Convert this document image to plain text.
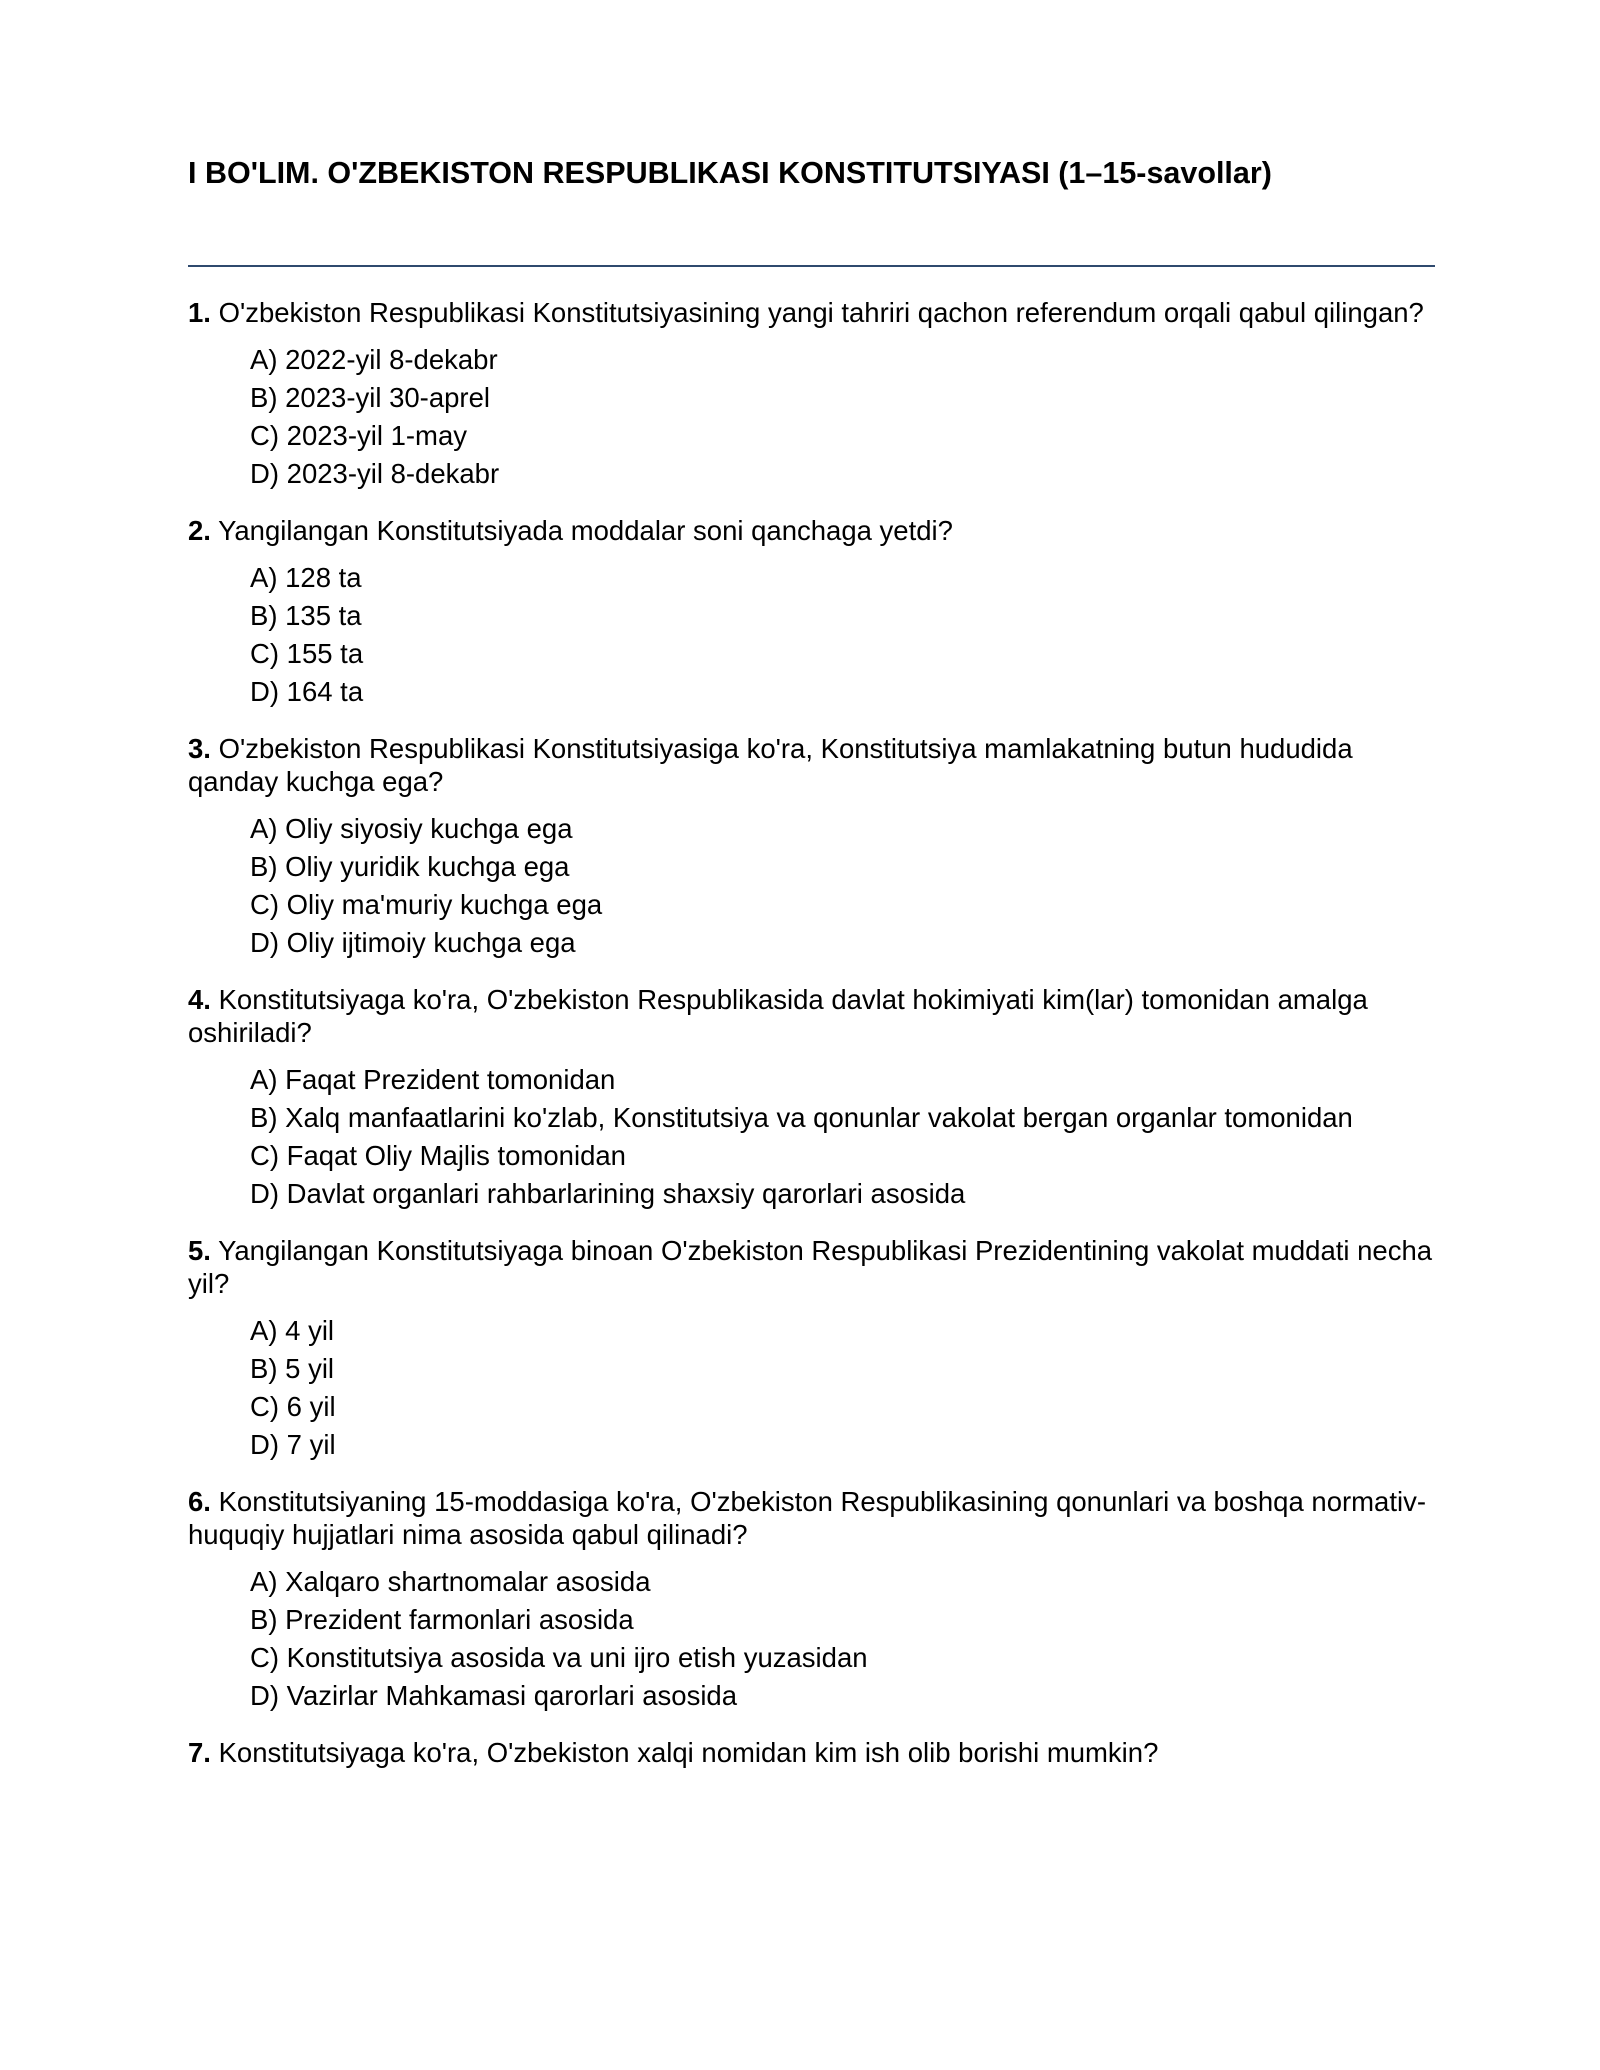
I BO'LIM. O'ZBEKISTON RESPUBLIKASI KONSTITUTSIYASI (1–15-savollar)

1. O'zbekiston Respublikasi Konstitutsiyasining yangi tahriri qachon referendum orqali qabul qilingan?

A) 2022-yil 8-dekabr
B) 2023-yil 30-aprel
C) 2023-yil 1-may
D) 2023-yil 8-dekabr

2. Yangilangan Konstitutsiyada moddalar soni qanchaga yetdi?

A) 128 ta
B) 135 ta
C) 155 ta
D) 164 ta

3. O'zbekiston Respublikasi Konstitutsiyasiga ko'ra, Konstitutsiya mamlakatning butun hududida qanday kuchga ega?

A) Oliy siyosiy kuchga ega
B) Oliy yuridik kuchga ega
C) Oliy ma'muriy kuchga ega
D) Oliy ijtimoiy kuchga ega

4. Konstitutsiyaga ko'ra, O'zbekiston Respublikasida davlat hokimiyati kim(lar) tomonidan amalga oshiriladi?

A) Faqat Prezident tomonidan
B) Xalq manfaatlarini ko'zlab, Konstitutsiya va qonunlar vakolat bergan organlar tomonidan
C) Faqat Oliy Majlis tomonidan
D) Davlat organlari rahbarlarining shaxsiy qarorlari asosida

5. Yangilangan Konstitutsiyaga binoan O'zbekiston Respublikasi Prezidentining vakolat muddati necha yil?

A) 4 yil
B) 5 yil
C) 6 yil
D) 7 yil

6. Konstitutsiyaning 15-moddasiga ko'ra, O'zbekiston Respublikasining qonunlari va boshqa normativ-huquqiy hujjatlari nima asosida qabul qilinadi?

A) Xalqaro shartnomalar asosida
B) Prezident farmonlari asosida
C) Konstitutsiya asosida va uni ijro etish yuzasidan
D) Vazirlar Mahkamasi qarorlari asosida

7. Konstitutsiyaga ko'ra, O'zbekiston xalqi nomidan kim ish olib borishi mumkin?
